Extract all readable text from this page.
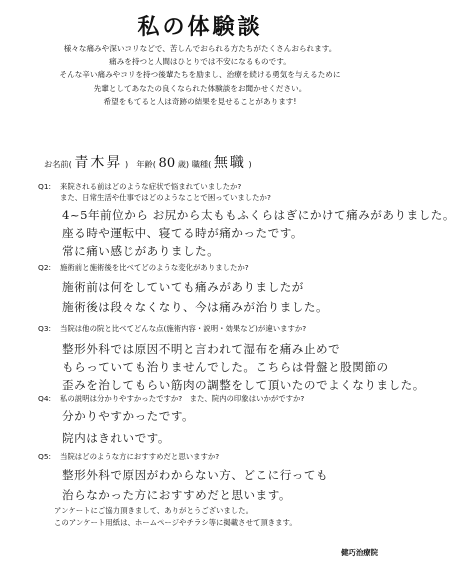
私の体験談
様々な痛みや深いコリなどで、苦しんでおられる方たちがたくさんおられます。
痛みを持つと人間はひとりでは不安になるものです。
そんな辛い痛みやコリを持つ後輩たちを励まし、治療を続ける勇気を与えるために
先輩としてあなたの良くなられた体験談をお聞かせください。
希望をもてると人は奇跡の結果を見せることがあります!
お名前( 青木昇 )　年齢( 80 歳) 職種( 無職 )
Q1: 来院される前はどのような症状で悩まれていましたか?
また、日常生活や仕事ではどのようなことで困っていましたか?
4~5年前位から お尻から太ももふくらはぎにかけて痛みがありました。
座る時や運転中、寝てる時が痛かったです。
常に痛い感じがありました。
Q2: 施術前と施術後を比べてどのような変化がありましたか?
施術前は何をしていても痛みがありましたが
施術後は段々なくなり、今は痛みが治りました。
Q3: 当院は他の院と比べてどんな点(施術内容・説明・効果など)が違いますか?
整形外科では原因不明と言われて湿布を痛み止めで
もらっていても治りませんでした。こちらは骨盤と股関節の
歪みを治してもらい筋肉の調整をして頂いたのでよくなりました。
Q4: 私の説明は分かりやすかったですか?　また、院内の印象はいかがですか?
分かりやすかったです。
院内はきれいです。
Q5: 当院はどのような方におすすめだと思いますか?
整形外科で原因がわからない方、どこに行っても
治らなかった方におすすめだと思います。
アンケートにご協力頂きまして、ありがとうございました。
このアンケート用紙は、ホームページやチラシ等に掲載させて頂きます。
健巧治療院
